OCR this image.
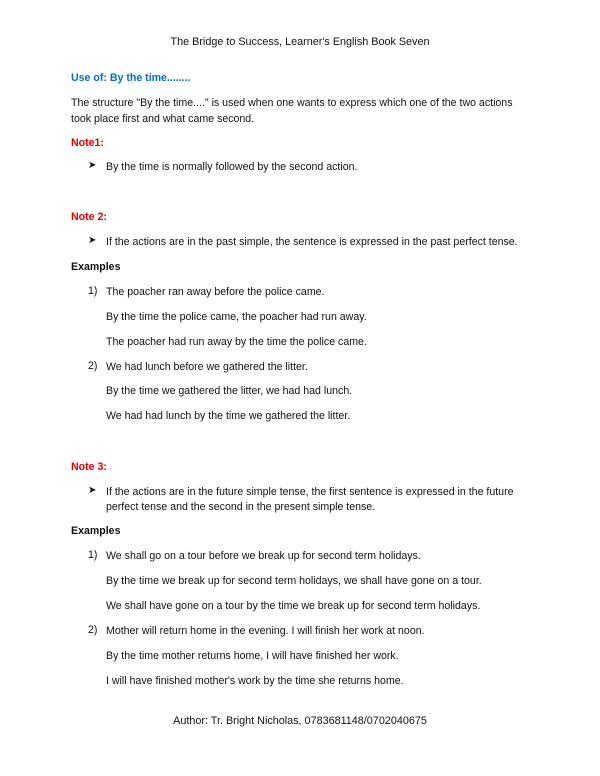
The Bridge to Success, Learner's English Book Seven
Use of: By the time........
The structure "By the time...." is used when one wants to express which one of the two actions
took place first and what came second.
Note1:
➤ By the time is normally followed by the second action.
Note 2:
➤ If the actions are in the past simple, the sentence is expressed in the past perfect tense.
Examples
1) The poacher ran away before the police came.
By the time the police came, the poacher had run away.
The poacher had run away by the time the police came.
2) We had lunch before we gathered the litter.
By the time we gathered the litter, we had had lunch.
We had had lunch by the time we gathered the litter.
Note 3:
➤ If the actions are in the future simple tense, the first sentence is expressed in the future
perfect tense and the second in the present simple tense.
Examples
1) We shall go on a tour before we break up for second term holidays.
By the time we break up for second term holidays, we shall have gone on a tour.
We shall have gone on a tour by the time we break up for second term holidays.
2) Mother will return home in the evening. I will finish her work at noon.
By the time mother returns home, I will have finished her work.
I will have finished mother's work by the time she returns home.
Author: Tr. Bright Nicholas, 0783681148/0702040675
